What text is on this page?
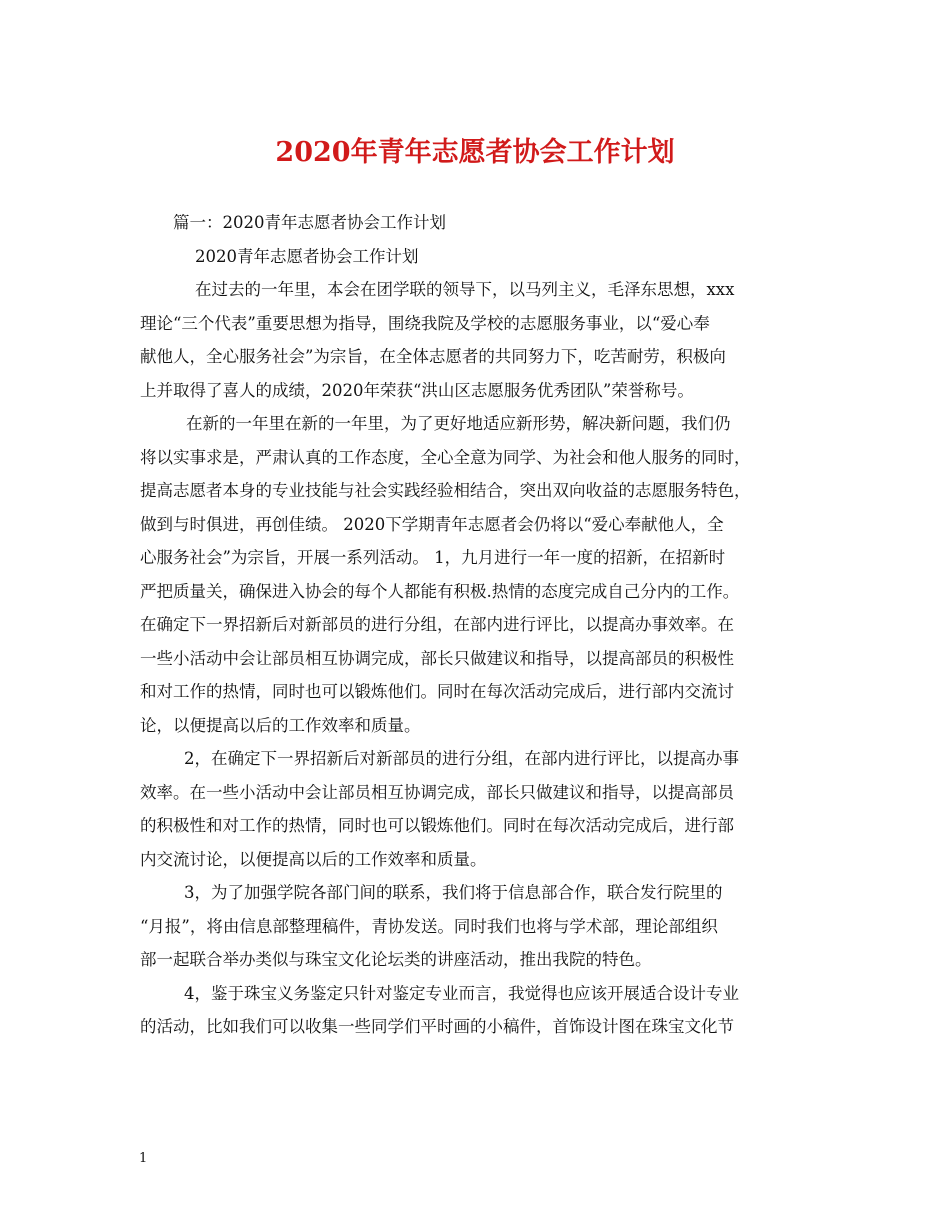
2020年青年志愿者协会工作计划

篇一：2020青年志愿者协会工作计划

2020青年志愿者协会工作计划

在过去的一年里，本会在团学联的领导下，以马列主义，毛泽东思想，xxx
理论“三个代表”重要思想为指导，围绕我院及学校的志愿服务事业，以“爱心奉
献他人，全心服务社会”为宗旨，在全体志愿者的共同努力下，吃苦耐劳，积极向
上并取得了喜人的成绩，2020年荣获“洪山区志愿服务优秀团队”荣誉称号。

在新的一年里在新的一年里，为了更好地适应新形势，解决新问题，我们仍
将以实事求是，严肃认真的工作态度，全心全意为同学、为社会和他人服务的同时，
提高志愿者本身的专业技能与社会实践经验相结合，突出双向收益的志愿服务特色，
做到与时俱进，再创佳绩。 2020下学期青年志愿者会仍将以“爱心奉献他人，全
心服务社会”为宗旨，开展一系列活动。 1，九月进行一年一度的招新，在招新时
严把质量关，确保进入协会的每个人都能有积极.热情的态度完成自己分内的工作。
在确定下一界招新后对新部员的进行分组，在部内进行评比，以提高办事效率。在
一些小活动中会让部员相互协调完成，部长只做建议和指导，以提高部员的积极性
和对工作的热情，同时也可以锻炼他们。同时在每次活动完成后，进行部内交流讨
论，以便提高以后的工作效率和质量。

2，在确定下一界招新后对新部员的进行分组，在部内进行评比，以提高办事
效率。在一些小活动中会让部员相互协调完成，部长只做建议和指导，以提高部员
的积极性和对工作的热情，同时也可以锻炼他们。同时在每次活动完成后，进行部
内交流讨论，以便提高以后的工作效率和质量。

3，为了加强学院各部门间的联系，我们将于信息部合作，联合发行院里的
“月报”，将由信息部整理稿件，青协发送。同时我们也将与学术部，理论部组织
部一起联合举办类似与珠宝文化论坛类的讲座活动，推出我院的特色。

4，鉴于珠宝义务鉴定只针对鉴定专业而言，我觉得也应该开展适合设计专业
的活动，比如我们可以收集一些同学们平时画的小稿件，首饰设计图在珠宝文化节

1
